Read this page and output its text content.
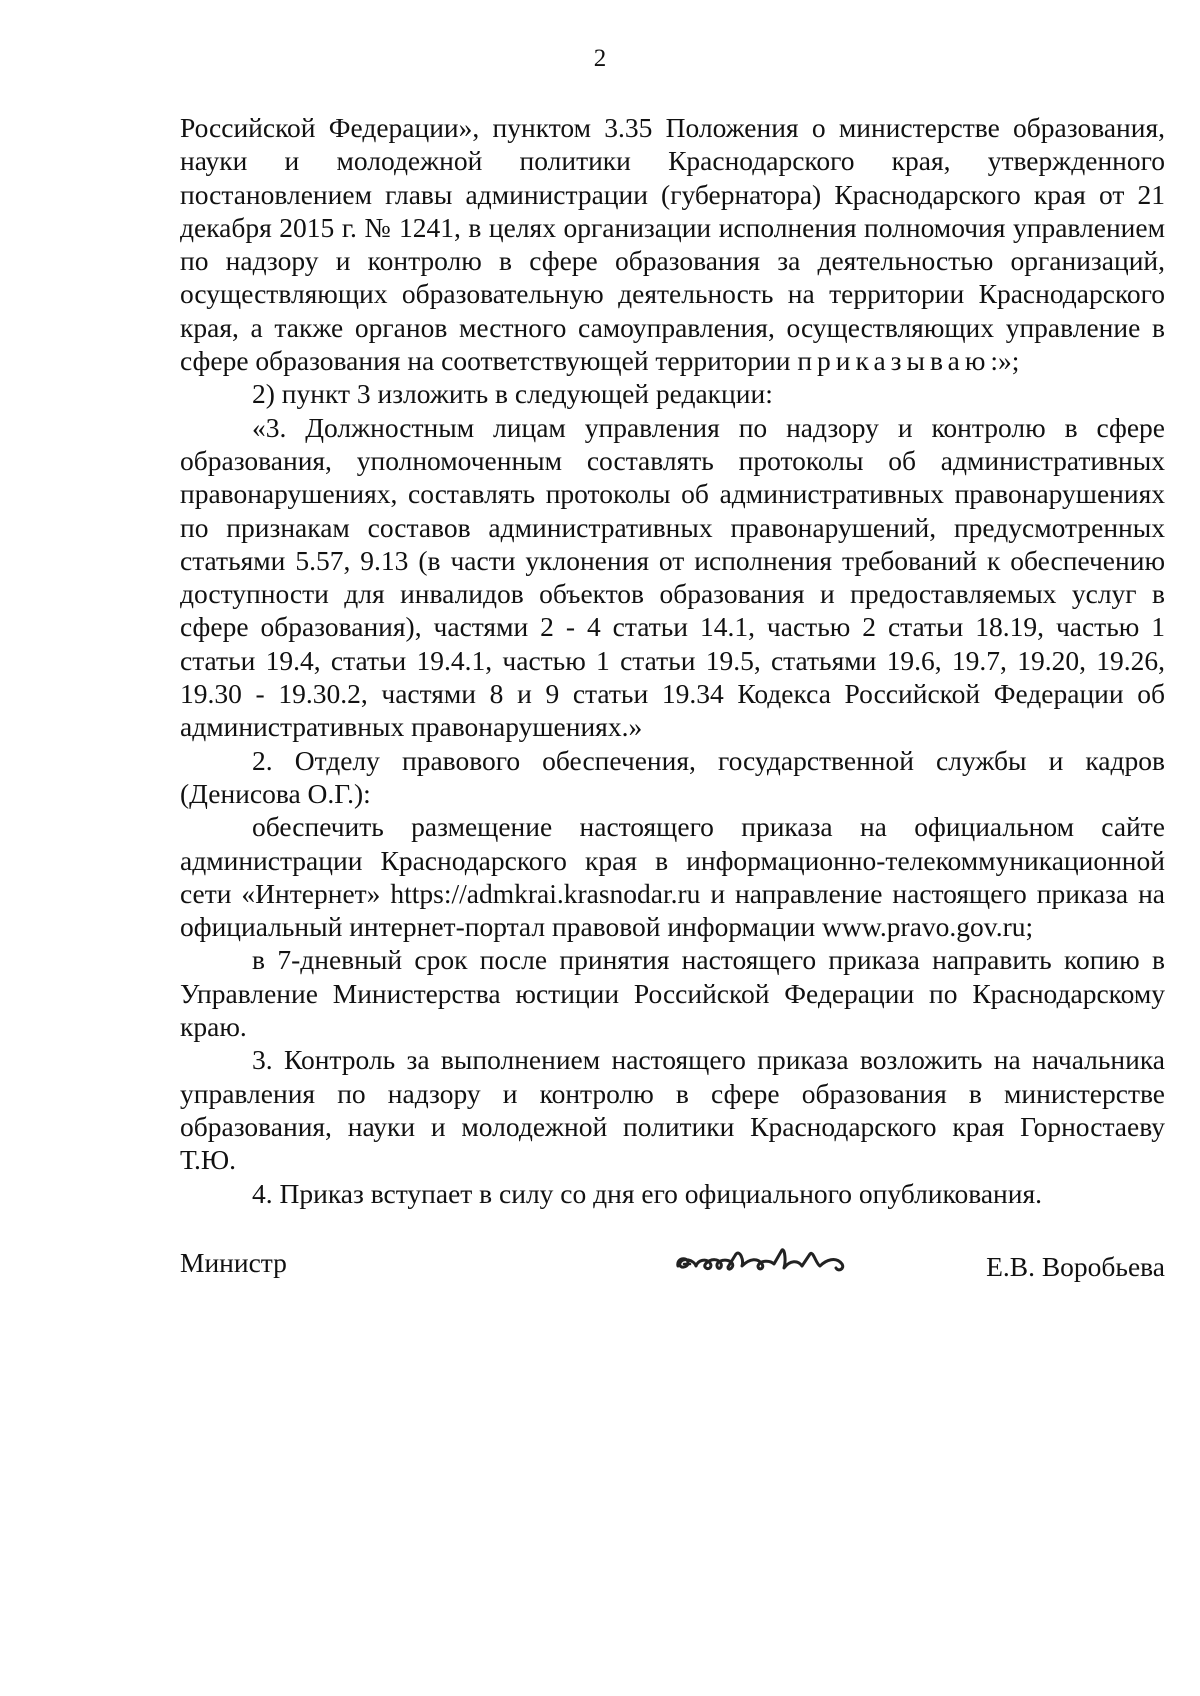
2

Российской Федерации», пунктом 3.35 Положения о министерстве образования, науки и молодежной политики Краснодарского края, утвержденного постановлением главы администрации (губернатора) Краснодарского края от 21 декабря 2015 г. № 1241, в целях организации исполнения полномочия управлением по надзору и контролю в сфере образования за деятельностью организаций, осуществляющих образовательную деятельность на территории Краснодарского края, а также органов местного самоуправления, осуществляющих управление в сфере образования на соответствующей территории приказываю:»;

2) пункт 3 изложить в следующей редакции:

«3. Должностным лицам управления по надзору и контролю в сфере образования, уполномоченным составлять протоколы об административных правонарушениях, составлять протоколы об административных правонарушениях по признакам составов административных правонарушений, предусмотренных статьями 5.57, 9.13 (в части уклонения от исполнения требований к обеспечению доступности для инвалидов объектов образования и предоставляемых услуг в сфере образования), частями 2 - 4 статьи 14.1, частью 2 статьи 18.19, частью 1 статьи 19.4, статьи 19.4.1, частью 1 статьи 19.5, статьями 19.6, 19.7, 19.20, 19.26, 19.30 - 19.30.2, частями 8 и 9 статьи 19.34 Кодекса Российской Федерации об административных правонарушениях.»

2. Отделу правового обеспечения, государственной службы и кадров (Денисова О.Г.):

обеспечить размещение настоящего приказа на официальном сайте администрации Краснодарского края в информационно-телекоммуникационной сети «Интернет» https://admkrai.krasnodar.ru и направление настоящего приказа на официальный интернет-портал правовой информации www.pravo.gov.ru;

в 7-дневный срок после принятия настоящего приказа направить копию в Управление Министерства юстиции Российской Федерации по Краснодарскому краю.

3. Контроль за выполнением настоящего приказа возложить на начальника управления по надзору и контролю в сфере образования в министерстве образования, науки и молодежной политики Краснодарского края Горностаеву Т.Ю.

4. Приказ вступает в силу со дня его официального опубликования.

Министр	Е.В. Воробьева
